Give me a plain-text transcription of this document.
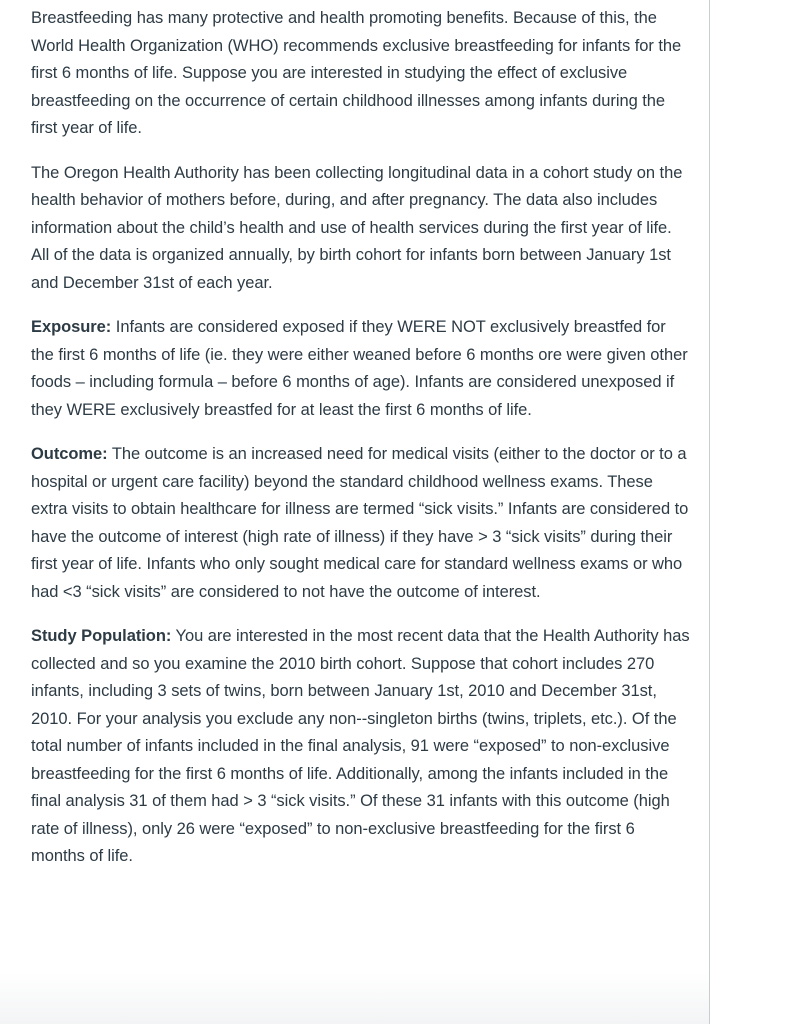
Breastfeeding has many protective and health promoting benefits. Because of this, the World Health Organization (WHO) recommends exclusive breastfeeding for infants for the first 6 months of life. Suppose you are interested in studying the effect of exclusive breastfeeding on the occurrence of certain childhood illnesses among infants during the first year of life.

The Oregon Health Authority has been collecting longitudinal data in a cohort study on the health behavior of mothers before, during, and after pregnancy. The data also includes information about the child’s health and use of health services during the first year of life. All of the data is organized annually, by birth cohort for infants born between January 1st and December 31st of each year.

Exposure: Infants are considered exposed if they WERE NOT exclusively breastfed for the first 6 months of life (ie. they were either weaned before 6 months ore were given other foods – including formula – before 6 months of age). Infants are considered unexposed if they WERE exclusively breastfed for at least the first 6 months of life.

Outcome: The outcome is an increased need for medical visits (either to the doctor or to a hospital or urgent care facility) beyond the standard childhood wellness exams. These extra visits to obtain healthcare for illness are termed “sick visits.” Infants are considered to have the outcome of interest (high rate of illness) if they have > 3 “sick visits” during their first year of life. Infants who only sought medical care for standard wellness exams or who had <3 “sick visits” are considered to not have the outcome of interest.

Study Population: You are interested in the most recent data that the Health Authority has collected and so you examine the 2010 birth cohort. Suppose that cohort includes 270 infants, including 3 sets of twins, born between January 1st, 2010 and December 31st, 2010. For your analysis you exclude any non--singleton births (twins, triplets, etc.). Of the total number of infants included in the final analysis, 91 were “exposed” to non-exclusive breastfeeding for the first 6 months of life. Additionally, among the infants included in the final analysis 31 of them had > 3 “sick visits.” Of these 31 infants with this outcome (high rate of illness), only 26 were “exposed” to non-exclusive breastfeeding for the first 6 months of life.
